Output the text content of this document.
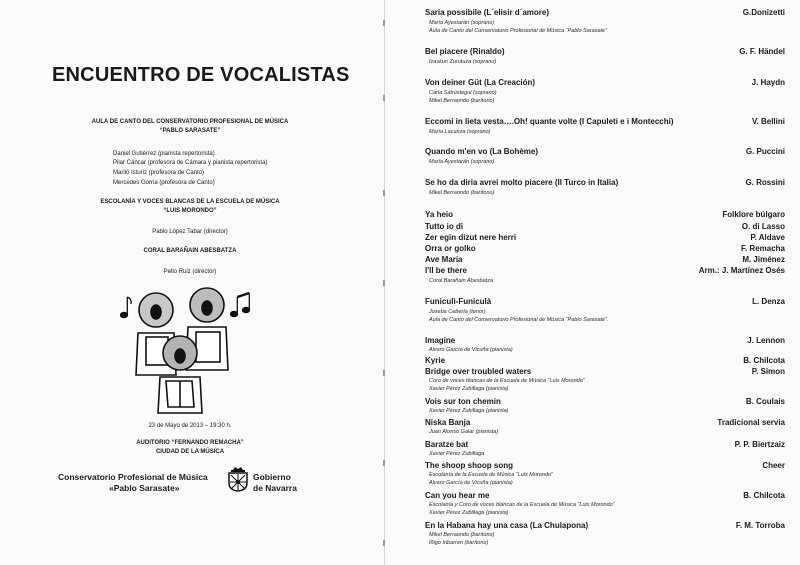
ENCUENTRO DE VOCALISTAS
AULA DE CANTO DEL CONSERVATORIO PROFESIONAL DE MÚSICA
“PABLO SARASATE”
Daniel Gutiérrez (pianista repertorista)
Pilar Cáncar (profesora de Cámara y pianista repertorista)
Mariló Isturiz (profesora de Canto)
Mercedes Gorria (profesora de Canto)
ESCOLANÍA Y VOCES BLANCAS DE LA ESCUELA DE MÚSICA
“LUIS MORONDO”
Pablo López Tabar (director)
CORAL BARAÑAIN ABESBATZA
Pello Ruiz (director)
23 de Mayo de 2013 – 19:30 h.
AUDITORIO “FERNANDO REMACHA”
CIUDAD DE LA MÚSICA
Conservatorio Profesional de Música
«Pablo Sarasate»
Gobierno
de Navarra
Saria possibile (L´elisir d´amore)	G.Donizetti
María Ayestarán (soprano)
Aula de Canto del Conservatorio Profesional de Música “Pablo Sarasate”
Bel piacere (Rinaldo)	G. F. Händel
Izaskun Zurutuza (soprano)
Von deiner Güt (La Creación)	J. Haydn
Carla Satrústegui (soprano)
Mikel Berraondo (barítono)
Eccomi in lieta vesta….Oh! quante volte (I Capuleti e i Montecchi)	V. Bellini
María Lacunza (soprano)
Quando m'en vo (La Bohème)	G. Puccini
María Ayestarán (soprano)
Se ho da diria avrei molto piacere (Il Turco in Italia)	G. Rossini
Mikel Berraondo (barítono)
Ya heio	Folklore búlgaro
Tutto io di	O. di Lasso
Zer egin dizut nere herri	P. Aldave
Orra or golko	F. Remacha
Ave María	M. Jiménez
I'll be there	Arm.: J. Martínez Osés
Coral Barañain Abesbatza
Funiculì-Funiculà	L. Denza
Joseba Cebería (tenor)
Aula de Canto del Conservatorio Profesional de Música “Pablo Sarasate”.
Imagine	J. Lennon
Alvaro García de Vicuña (pianista)
Kyrie	B. Chilcota
Bridge over troubled waters	P. Simon
Coro de voces blancas de la Escuela de Música “Luis Morondo”
Xavier Pérez Zubillaga (pianista)
Vois sur ton chemin	B. Coulais
Xavier Pérez Zubillaga (pianista)
Niska Banja	Tradicional servia
Juan Alonso Galar (pianista)
Baratze bat	P. P. Biertzaiz
Xavier Pérez Zubillaga
The shoop shoop song	Cheer
Escolanía de la Escuela de Música “Luis Morondo”
Alvaro García de Vicuña (pianista)
Can you hear me	B. Chilcota
Escolanía y Coro de voces blancas de la Escuela de Música “Luis Morondo”
Xavier Pérez Zubillaga (pianista)
En la Habana hay una casa (La Chulapona)	F. M. Torroba
Mikel Berraondo (barítono)
Íñigo Iribarren (barítono)
